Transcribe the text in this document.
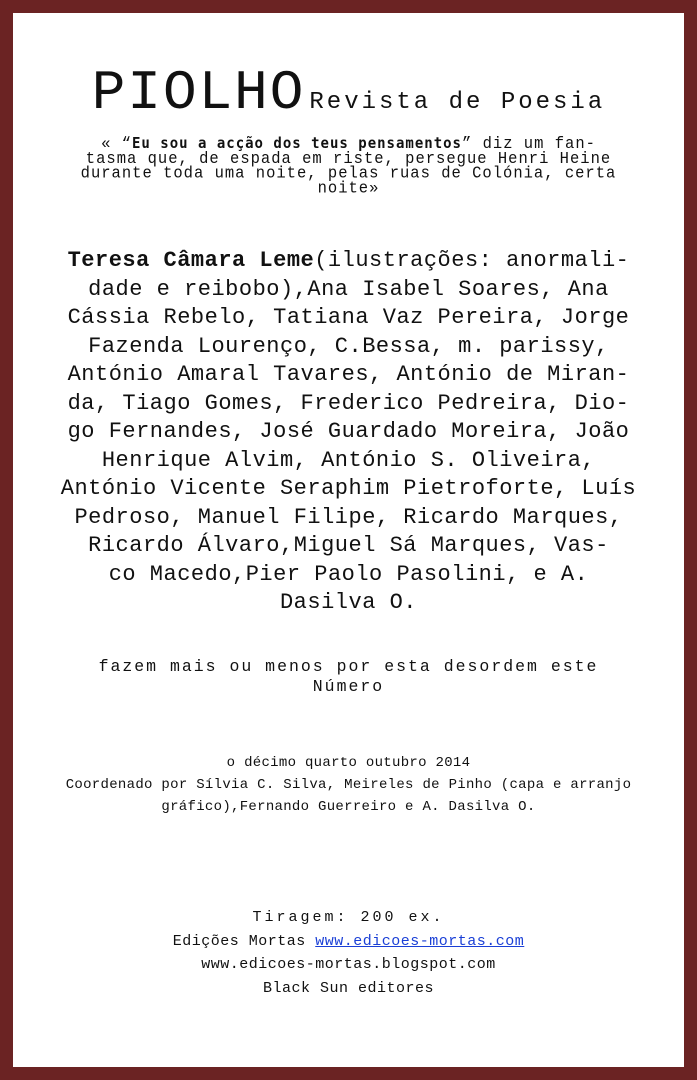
PIOLHO Revista de Poesia
« “Eu sou a acção dos teus pensamentos” diz um fan-
tasma que, de espada em riste, persegue Henri Heine
durante toda uma noite, pelas ruas de Colónia, certa
noite»
Teresa Câmara Leme(ilustrações: anormali-
dade e reibobo),Ana Isabel Soares, Ana
Cássia Rebelo, Tatiana Vaz Pereira, Jorge
Fazenda Lourenço, C.Bessa, m. parissy,
António Amaral Tavares, António de Miran-
da, Tiago Gomes, Frederico Pedreira, Dio-
go Fernandes, José Guardado Moreira, João
Henrique Alvim, António S. Oliveira,
António Vicente Seraphim Pietroforte, Luís
Pedroso, Manuel Filipe, Ricardo Marques,
Ricardo Álvaro,Miguel Sá Marques, Vas-
co Macedo,Pier Paolo Pasolini, e A.
Dasilva O.
fazem mais ou menos por esta desordem este
Número
o décimo quarto outubro 2014
Coordenado por Sílvia C. Silva, Meireles de Pinho (capa e arranjo
gráfico),Fernando Guerreiro e A. Dasilva O.
Tiragem: 200 ex.
Edições Mortas www.edicoes-mortas.com
www.edicoes-mortas.blogspot.com
Black Sun editores
